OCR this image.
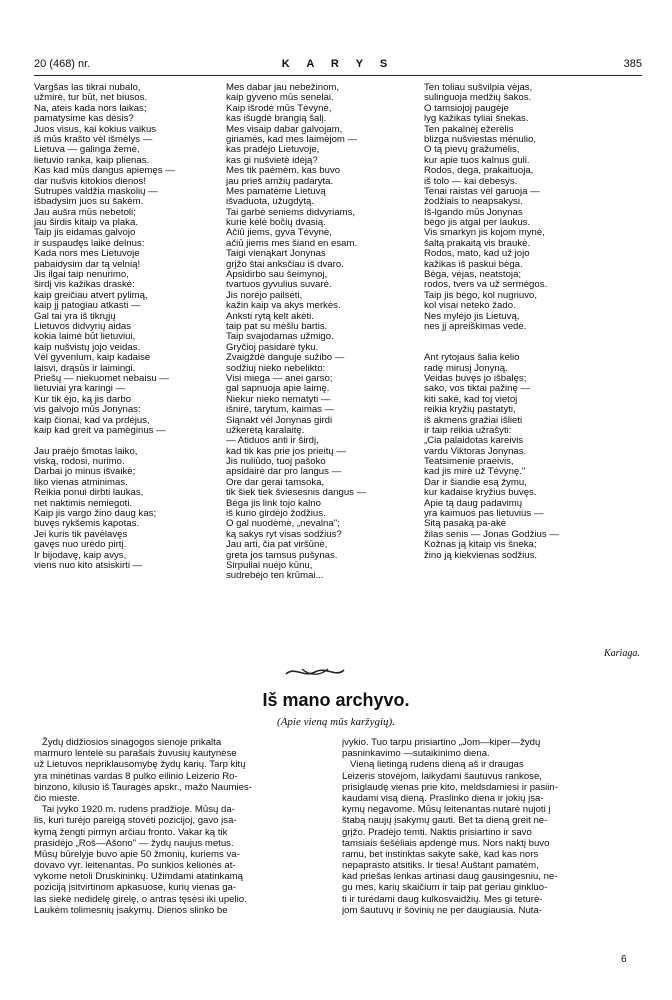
20 (468) nr.	K A R Y S	385
Vargšas las tikrai nubalo,
užmirė, tur būt, net biusos.
Na, ateis kada nors laikas;
pamatysime kas dėsis?
Juos visus, kai kokius vaikus
iš mūs krašto vėl išmėlys —
Lietuva — galinga žemė,
lietuvio ranka, kaip plienas.
Kas kad mūs dangus apiemęs —
dar nušvis kitokios dienos!
Sutrupės valdžia maskolių —
išbadysim juos su šakėm.
Jau aušra mūs nebetoli;
jau širdis kitaip va plaka.
Taip jis eidamas galvojo
ir suspaudęs laikė delnus:
Kada nors mes Lietuvoje
pabaidysim dar tą velnią!
Jis ilgai taip nenurimo,
širdį vis kažikas draskė:
kaip greičiau atvert pylimą,
kaip jį patogiau atkasti —
Gal tai yra iš tikrųjų
Lietuvos didvyrių aidas
kokia laimė būt lietuviui,
kaip nušvistų jojo veidas.
Vėl gyvenlum, kaip kadaise
laisvi, drąsūs ir laimingi.
Priešų — niekuomet nebaisu —
lietuviai yra karingi —
Kur tik ėjo, ką jis darbo
vis galvojo mūs Jonynas:
kaip čionai, kad va prdėjus,
kaip kad greit va pamėginus —
Jau praėjo šmotas laiko,
viską, rodosi, nurimo.
Darbai jo minus išvaikė;
liko vienas atminimas.
Reikia ponui dirbti laukas,
net naktimis nemiegoti.
Kaip jis vargo žino daug kas;
buvęs rykšemis kapotas.
Jei kuris tik pavėlavęs
gavęs nuo urėdo pirtį.
Ir bijodavę, kaip avys,
viens nuo kito atsiskirti —
Mes dabar jau nebežinom,
kaip gyveno mūs senelai.
Kaip išrodė mūs Tėvynė,
kas išugdė brangią šalį.
Mes visaip dabar galvojam,
giriamės, kad mes laimėjom —
kas pradėjo Lietuvoje,
kas gi nušvietė idėją?
Mes tik paėmėm, kas buvo
jau prieš amžių padaryta.
Mes pamatėme Lietuvą
išvaduota, užugdytą.
Tai garbė seniems didvyriams,
kurie kėlė bočių dvasią.
Ačiū jiems, gyva Tėvynė,
ačiū jiems mes šiand en esam.
Taigi vienąkart Jonynas
grįžo štai anksčiau iš dvaro.
Apsidirbo sau šeimynoj,
tvartuos gyvulius suvarė.
Jis norėjo pailsėti,
kažin kaip va akys merkės.
Anksti rytą kelt akėti.
taip pat su mėšlu bartis.
Taip svajodamas užmigo.
Gryčioj pasidarė tyku.
Žvaigždė danguje sužibo —
sodžiuj nieko nebelikto:
Visi miega — anei garso;
gal sapnuoja apie laimę.
Niekur nieko nematyti —
išnirė, tarytum, kaimas —
Šiąnakt vėl Jonynas girdi
užkerėtą karalaitę.
— Atiduos anti ir širdį,
kad tik kas prie jos prieitų —
Jis nuliūdo, tuoj pašoko
apsidairė dar pro langus —
Ore dar gerai tamsoka,
tik šiek tiek šviesesnis dangus —
Bėga jis link tojo kalno
iš kurio girdėjo žodžius.
O gal nuodėmė, „nevalna";
ką sakys ryt visas sodžius?
Jau arti, čia pat viršūnė,
greta jos tamsus pušynas.
Širpuliai nuėjo kūnu,
sudrebėjo ten krūmai...
Ten toliau sušvilpia vėjas,
sulinguoja medžių šakos.
O tamsiojoj paugėje
lyg kažikas tyliai šnekas.
Ten pakalnėj ežerėlis
blizga nušviestas mėnulio,
O tą pievų gražumėlis,
kur apie tuos kalnus guli.
Rodos, dega, prakaituoja,
iš tolo — kai debesys.
Tenai raistas vėl garuoja —
žodžiais to neapsakysi.
Iš-lgando mūs Jonynas
bėgo jis atgal per laukus.
Vis smarkyn jis kojom mynė,
šaltą prakaitą vis braukė.
Rodos, mato, kad už jojo
kažikas iš paskui bėga.
Bėga, vėjas, neatstoja;
rodos, tvers va už sermėgos.
Taip jis bėgo, kol nugriuvo,
kol visai neteko žado.
Nes mylėjo jis Lietuvą,
nes jį apreiškimas vedė.
Ant rytojaus šalia kelio
radę mirusį Jonyną.
Veidas buvęs jo išbalęs;
sako, vos tiktai pažinę —
kiti sakė, kad toj vietoj
reikia kryžių pastatyti,
iš akmens gražiai išlieti
ir taip reikia užrašyti:
„Čia palaidotas kareivis
vardu Viktoras Jonynas.
Teatsimenie praeivis,
kad jis mirė už Tėvynę."
Dar ir šiandie esą žymu,
kur kadaise kryžius buvęs.
Apie tą daug padavimų
yra kaimuos pas lietuvius —
Sitą pasaką pa-akė
žilas senis — Jonas Godžius —
Kožnas ją kitaip vis šneka;
žino ją kiekvienas sodžius.
Kariaga.
Iš mano archyvo.
(Apie vieną mūs karžygių).
Žydų didžiosios sinagogos sienoje prikalta
marmuro lentelė su parašais žuvusių kautynėse
už Lietuvos nepriklausomybę žydų karių. Tarp kitų
yra minėtinas vardas 8 pulko eilinio Leizerio Ro-
binzono, kilusio iš Tauragės apskr., mažo Naumies-
čio mieste.
Tai įvyko 1920 m. rudens pradžioje. Mūsų da-
lis, kuri turėjo pareigą stovėti pozicijoj, gavo įsa-
kymą žengti pirmyn arčiau fronto. Vakar ką tik
prasidėjo „Roš—Ašono" — žydų naujus metus.
Mūsų būrelyje buvo apie 50 žmonių, kuriems va-
dovavo vyr. leitenantas. Po sunkios kelionės at-
vykome netoli Druskininkų. Užimdami atatinkamą
poziciją įsitvirtinom apkasuose, kurių vienas ga-
las siekė nedidelę girelę, o antras tęsėsi iki upelio.
Laukėm tolimesnių įsakymų. Dienos slinko be
įvykio. Tuo tarpu prisiartino „Jom—kiper—žydų
pasninkavimo —sutaikinimo diena.
Vieną lietingą rudens dieną aš ir draugas
Leizeris stovėjom, laikydami šautuvus rankose,
prisiglaudę vienas prie kito, meldsdamiesi ir pasiin-
kaudami visą dieną. Praslinko diena ir jokių įsa-
kymų negavome. Mūsų leitenantas nutarė nujoti į
štabą naujų įsakymų gauti. Bet ta dieną greit ne-
grįžo. Pradėjo temti. Naktis prisiartino ir savo
tamsiais šešėliais apdengė mus. Nors naktį buvo
ramu, bet instinktas sakyte sakė, kad kas nors
nepaprasto atsitiks. Ir tiesa! Auštant pamatėm,
kad priešas lenkas artinasi daug gausingesniu, ne-
gu mes, karių skaičium ir taip pat geriau ginkluo-
ti ir turėdami daug kulkosvaidžių. Mes gi teturė-
jom šautuvų ir šovinių ne per daugiausia. Nuta-
6
